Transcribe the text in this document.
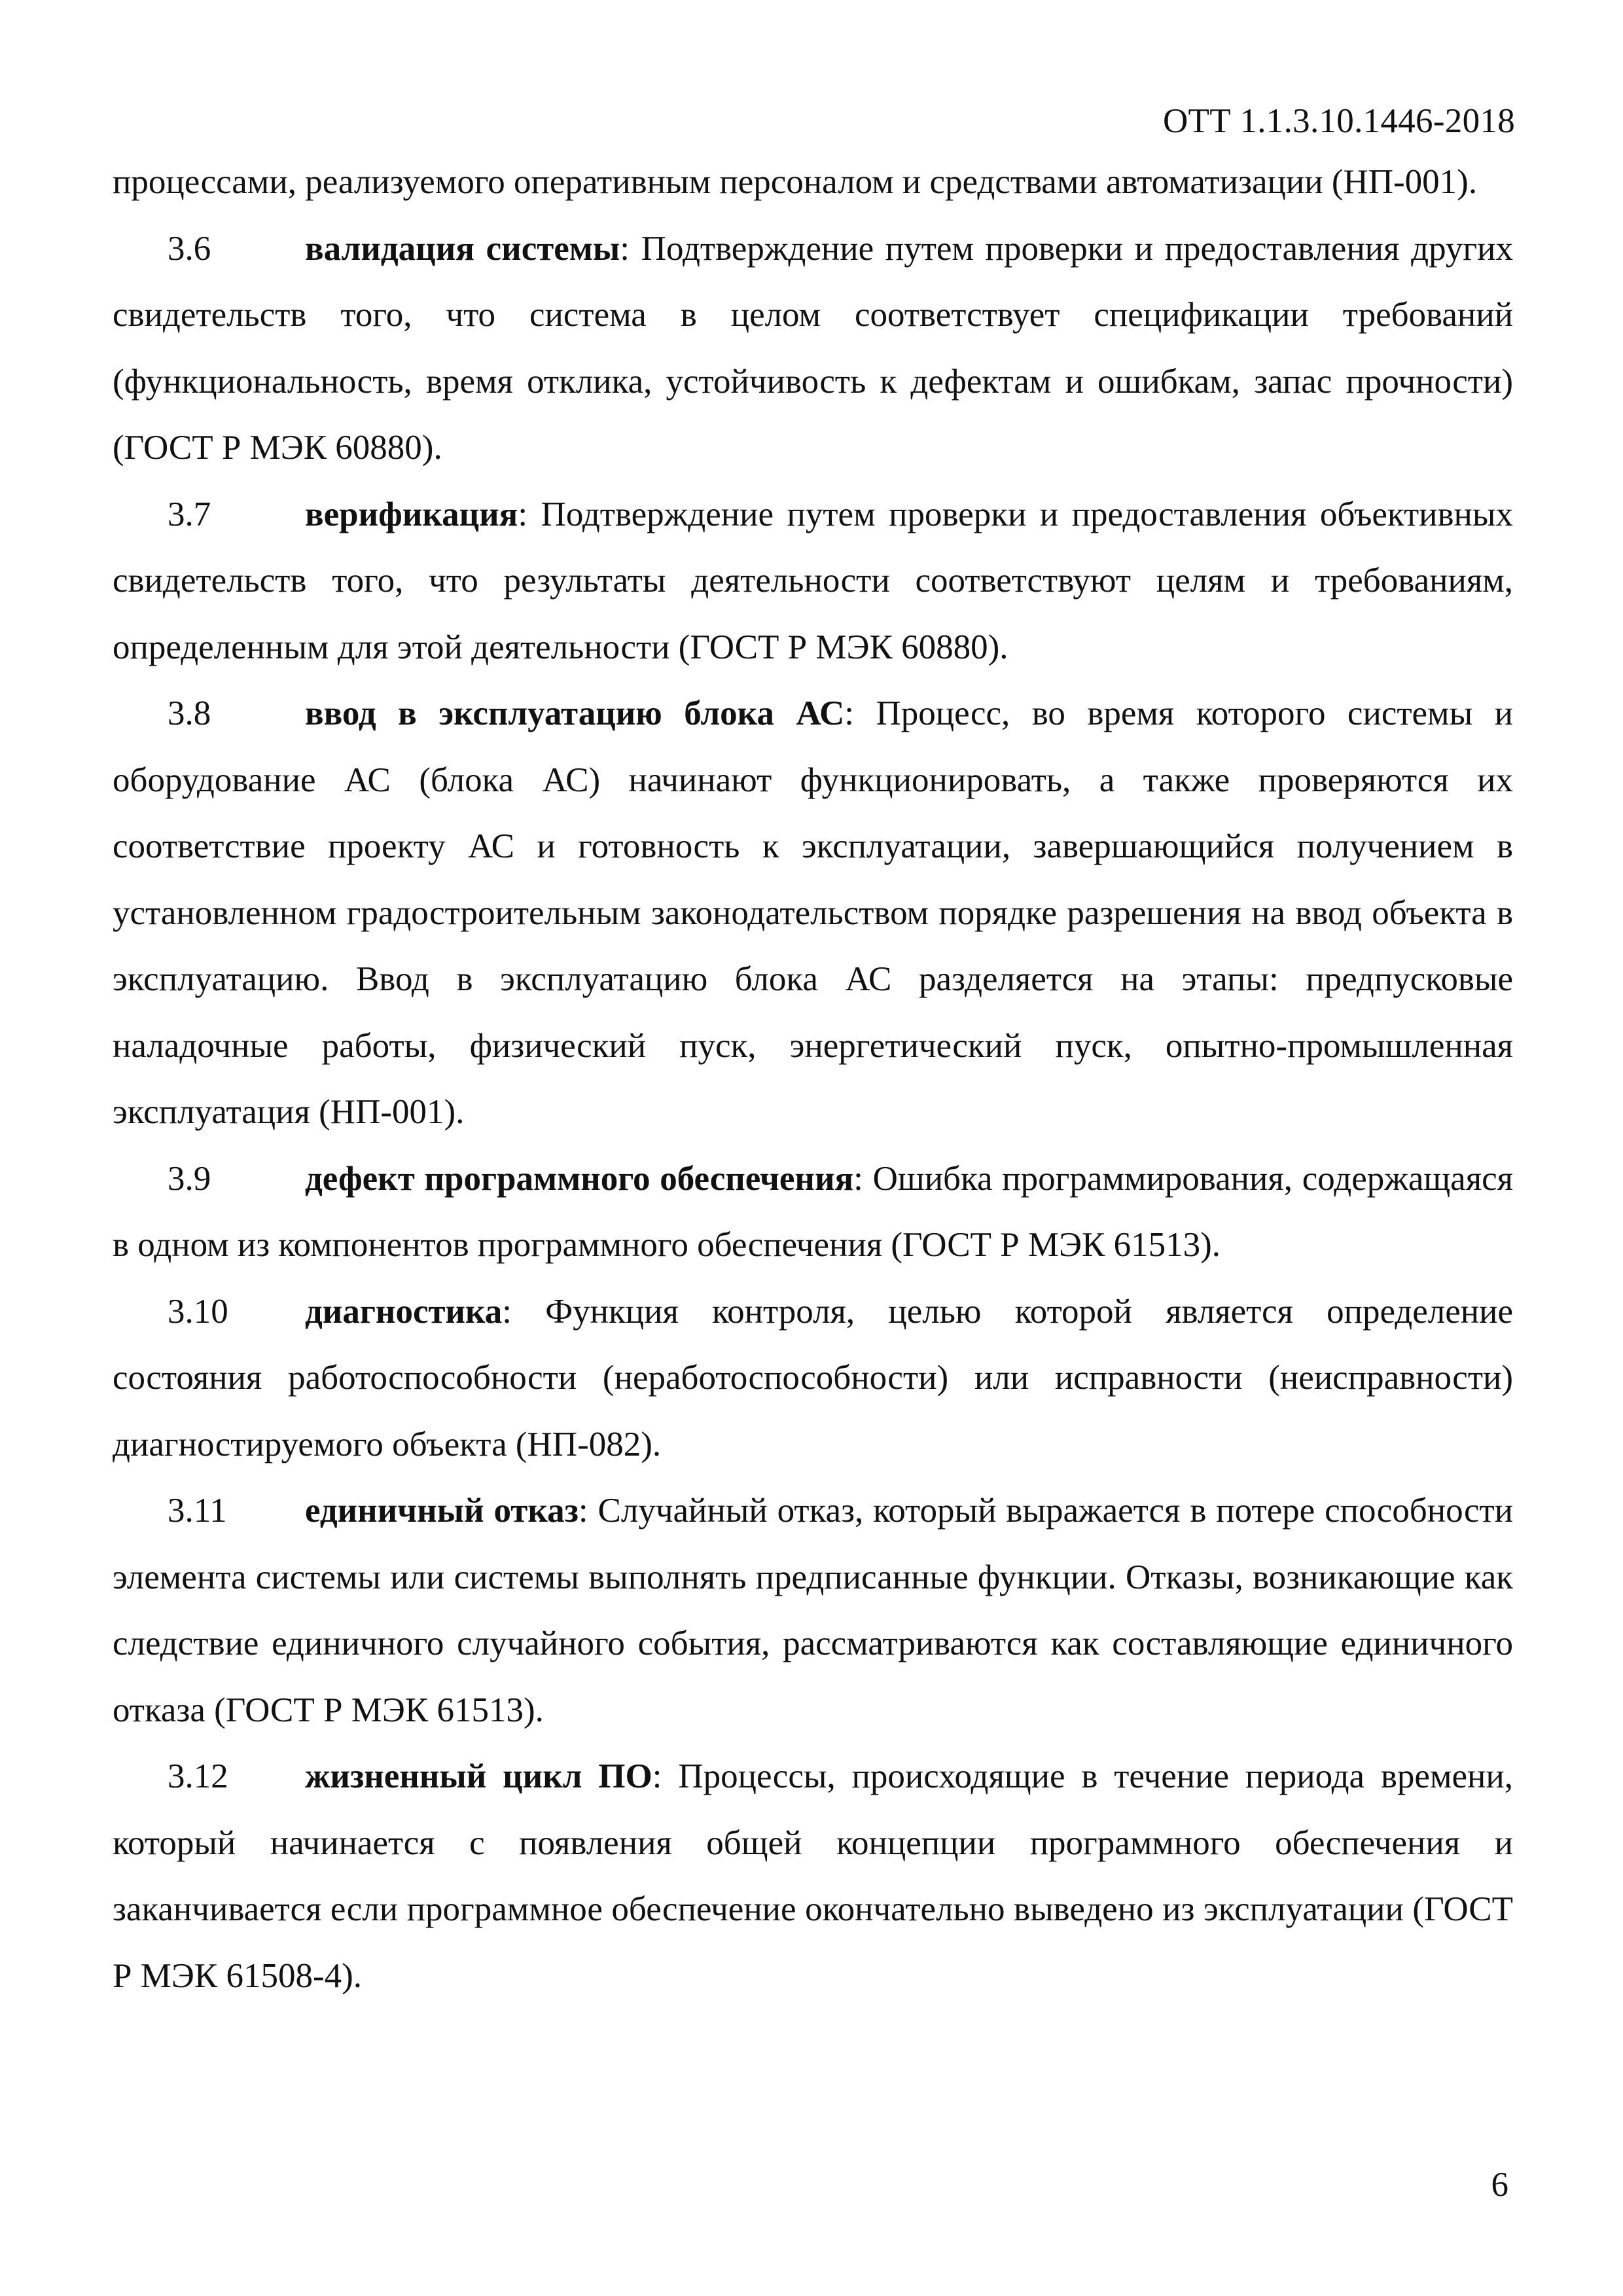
ОТТ 1.1.3.10.1446-2018

процессами, реализуемого оперативным персоналом и средствами автоматизации (НП-001).

3.6	валидация системы: Подтверждение путем проверки и предоставления других свидетельств того, что система в целом соответствует спецификации требований (функциональность, время отклика, устойчивость к дефектам и ошибкам, запас прочности) (ГОСТ Р МЭК 60880).

3.7	верификация: Подтверждение путем проверки и предоставления объективных свидетельств того, что результаты деятельности соответствуют целям и требованиям, определенным для этой деятельности (ГОСТ Р МЭК 60880).

3.8	ввод в эксплуатацию блока АС: Процесс, во время которого системы и оборудование АС (блока АС) начинают функционировать, а также проверяются их соответствие проекту АС и готовность к эксплуатации, завершающийся получением в установленном градостроительным законодательством порядке разрешения на ввод объекта в эксплуатацию. Ввод в эксплуатацию блока АС разделяется на этапы: предпусковые наладочные работы, физический пуск, энергетический пуск, опытно-промышленная эксплуатация (НП-001).

3.9	дефект программного обеспечения: Ошибка программирования, содержащаяся в одном из компонентов программного обеспечения (ГОСТ Р МЭК 61513).

3.10 диагностика: Функция контроля, целью которой является определение состояния работоспособности (неработоспособности) или исправности (неисправности) диагностируемого объекта (НП-082).

3.11 единичный отказ: Случайный отказ, который выражается в потере способности элемента системы или системы выполнять предписанные функции. Отказы, возникающие как следствие единичного случайного события, рассматриваются как составляющие единичного отказа (ГОСТ Р МЭК 61513).

3.12 жизненный цикл ПО: Процессы, происходящие в течение периода времени, который начинается с появления общей концепции программного обеспечения и заканчивается если программное обеспечение окончательно выведено из эксплуатации (ГОСТ Р МЭК 61508-4).

6
